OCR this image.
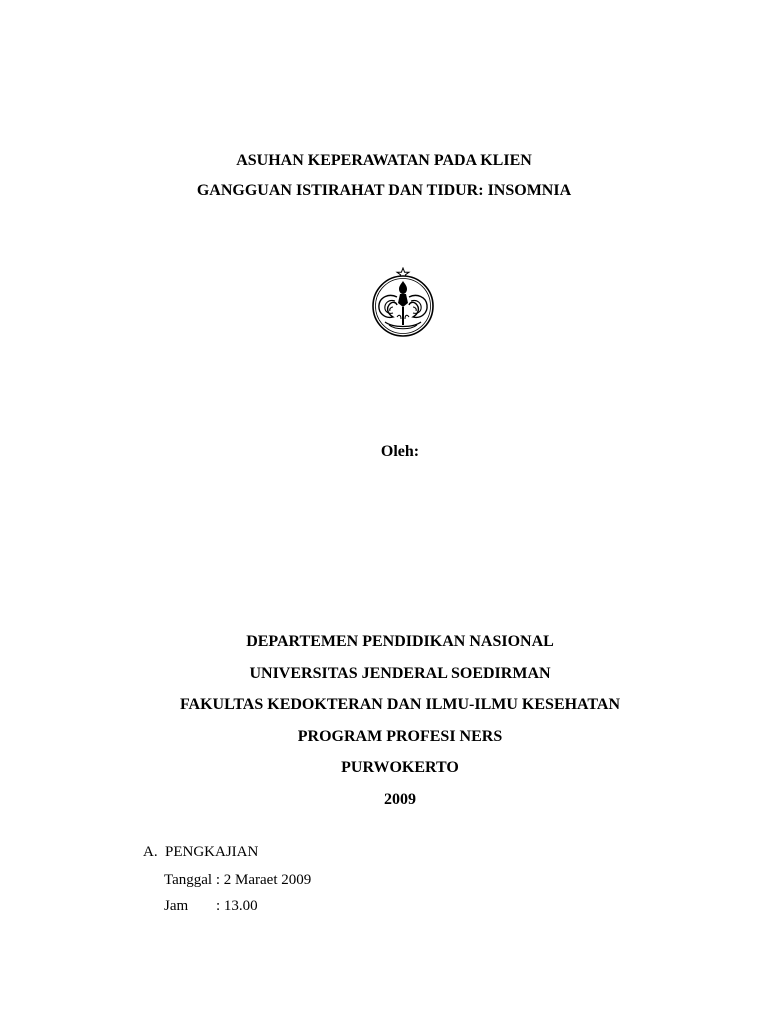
ASUHAN KEPERAWATAN PADA KLIEN
GANGGUAN ISTIRAHAT DAN TIDUR: INSOMNIA
Oleh:
DEPARTEMEN PENDIDIKAN NASIONAL
UNIVERSITAS JENDERAL SOEDIRMAN
FAKULTAS KEDOKTERAN DAN ILMU-ILMU KESEHATAN
PROGRAM PROFESI NERS
PURWOKERTO
2009
A. PENGKAJIAN
Tanggal : 2 Maraet 2009
Jam : 13.00
